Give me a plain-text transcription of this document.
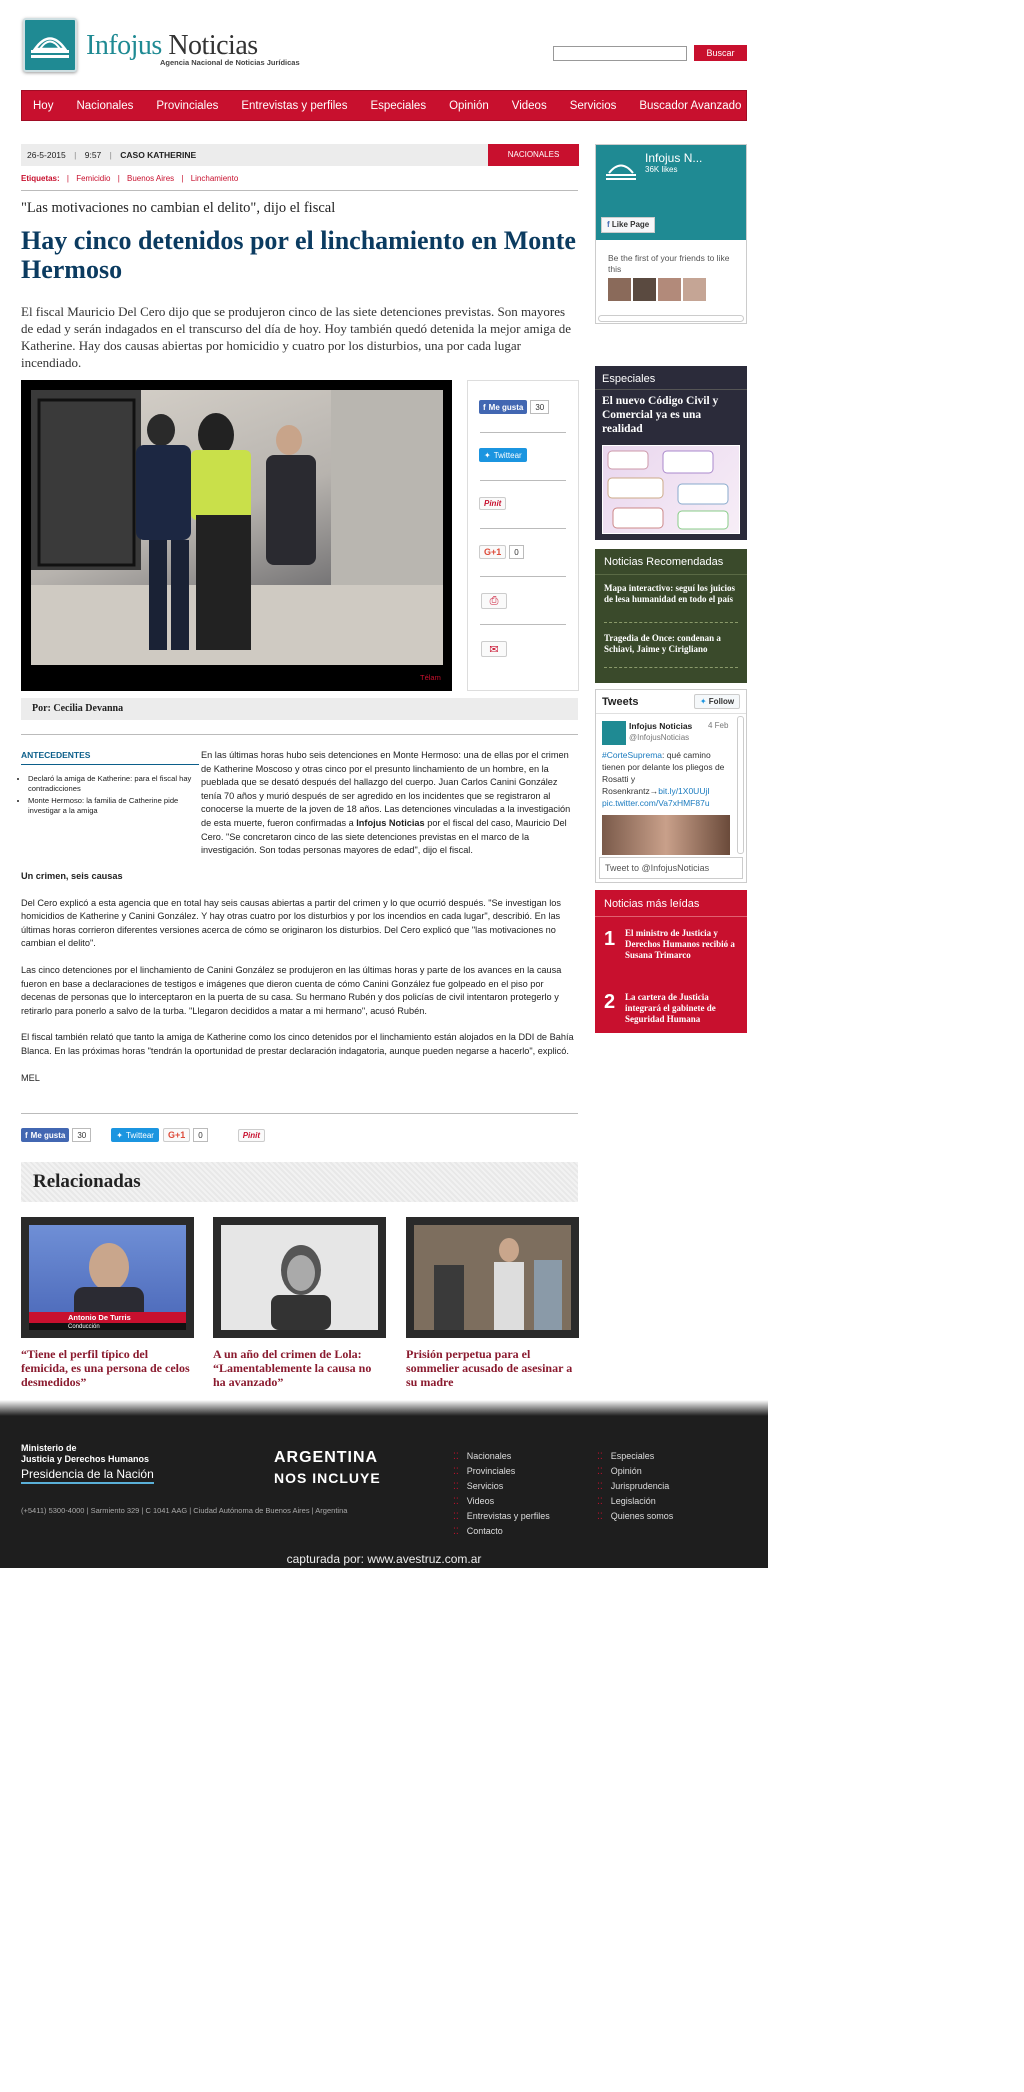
Infojus Noticias
Agencia Nacional de Noticias Jurídicas
Buscar
Hoy Nacionales Provinciales Entrevistas y perfiles Especiales Opinión Videos Servicios Buscador Avanzado
26-5-2015 | 9:57 | CASO KATHERINE	NACIONALES
Etiquetas: | Femicidio | Buenos Aires | Linchamiento
"Las motivaciones no cambian el delito", dijo el fiscal
Hay cinco detenidos por el linchamiento en Monte Hermoso
El fiscal Mauricio Del Cero dijo que se produjeron cinco de las siete detenciones previstas. Son mayores de edad y serán indagados en el transcurso del día de hoy. Hoy también quedó detenida la mejor amiga de Katherine. Hay dos causas abiertas por homicidio y cuatro por los disturbios, una por cada lugar incendiado.
Télam
f Me gusta	30
✦ Twittear
Pinit
G+1	0
⎙
✉
Por: Cecilia Devanna
En las últimas horas hubo seis detenciones en Monte Hermoso: una de ellas por el crimen de Katherine Moscoso y otras cinco por el presunto linchamiento de un hombre, en la pueblada que se desató después del hallazgo del cuerpo. Juan Carlos Canini González tenía 70 años y murió después de ser agredido en los incidentes que se registraron al conocerse la muerte de la joven de 18 años. Las detenciones vinculadas a la investigación de esta muerte, fueron confirmadas a Infojus Noticias por el fiscal del caso, Mauricio Del Cero. "Se concretaron cinco de las siete detenciones previstas en el marco de la investigación. Son todas personas mayores de edad", dijo el fiscal.
ANTECEDENTES
• Declaró la amiga de Katherine: para el fiscal hay contradicciones
• Monte Hermoso: la familia de Catherine pide investigar a la amiga

Un crimen, seis causas

Del Cero explicó a esta agencia que en total hay seis causas abiertas a partir del crimen y lo que ocurrió después. "Se investigan los homicidios de Katherine y Canini González. Y hay otras cuatro por los disturbios y por los incendios en cada lugar", describió. En las últimas horas corrieron diferentes versiones acerca de cómo se originaron los disturbios. Del Cero explicó que "las motivaciones no cambian el delito".

Las cinco detenciones por el linchamiento de Canini González se produjeron en las últimas horas y parte de los avances en la causa fueron en base a declaraciones de testigos e imágenes que dieron cuenta de cómo Canini González fue golpeado en el piso por decenas de personas que lo interceptaron en la puerta de su casa. Su hermano Rubén y dos policías de civil intentaron protegerlo y retirarlo para ponerlo a salvo de la turba. "Llegaron decididos a matar a mi hermano", acusó Rubén.

El fiscal también relató que tanto la amiga de Katherine como los cinco detenidos por el linchamiento están alojados en la DDI de Bahía Blanca. En las próximas horas "tendrán la oportunidad de prestar declaración indagatoria, aunque pueden negarse a hacerlo", explicó.

MEL

f Me gusta	30	✦ Twittear	G+1	0	Pinit
Relacionadas
Antonio De Turris
Conducción
“Tiene el perfil típico del femicida, es una persona de celos desmedidos”
A un año del crimen de Lola: “Lamentablemente la causa no ha avanzado”
Prisión perpetua para el sommelier acusado de asesinar a su madre
Infojus N...
36K likes
f Like Page
Be the first of your friends to like this
Especiales
El nuevo Código Civil y Comercial ya es una realidad
Noticias Recomendadas
Mapa interactivo: seguí los juicios de lesa humanidad en todo el país
Tragedia de Once: condenan a Schiavi, Jaime y Cirigliano
Tweets	✦ Follow
Infojus Noticias 4 Feb
@InfojusNoticias
#CorteSuprema: qué camino tienen por delante los pliegos de Rosatti y Rosenkrantz→bit.ly/1X0UUjI pic.twitter.com/Va7xHMF87u
Tweet to @InfojusNoticias
Noticias más leídas
1 El ministro de Justicia y Derechos Humanos recibió a Susana Trimarco
2 La cartera de Justicia integrará el gabinete de Seguridad Humana
Ministerio de
Justicia y Derechos Humanos
Presidencia de la Nación
ARGENTINA
NOS INCLUYE
(+5411) 5300-4000 | Sarmiento 329 | C 1041 AAG | Ciudad Autónoma de Buenos Aires | Argentina
⁚⁚ Nacionales
⁚⁚ Provinciales
⁚⁚ Servicios
⁚⁚ Videos
⁚⁚ Entrevistas y perfiles
⁚⁚ Contacto
⁚⁚ Especiales
⁚⁚ Opinión
⁚⁚ Jurisprudencia
⁚⁚ Legislación
⁚⁚ Quienes somos
capturada por: www.avestruz.com.ar
